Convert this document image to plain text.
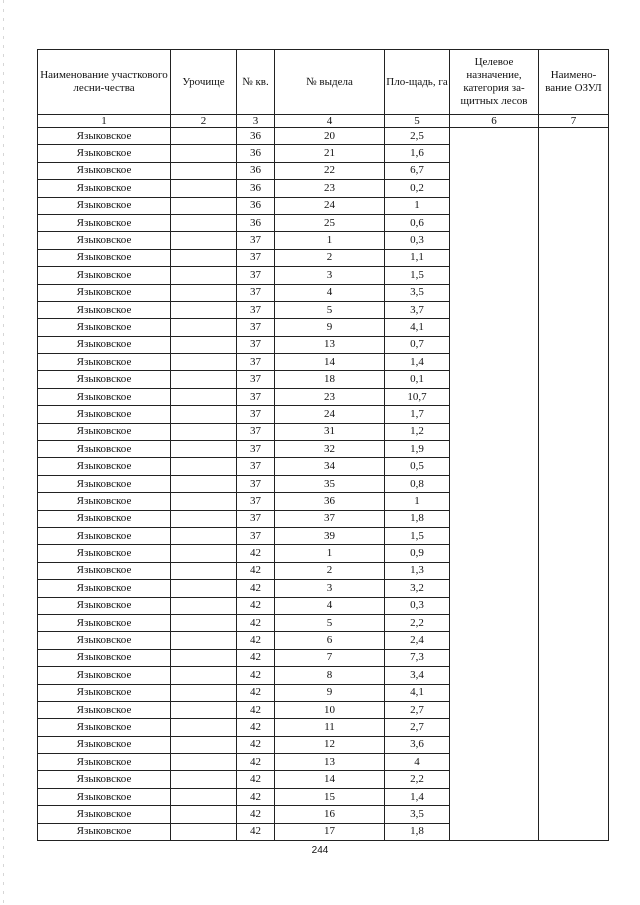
Наименование участкового лесни-чества	Урочище	№ кв.	№ выдела	Пло-щадь, га	Целевое назначение, категория за-щитных лесов	Наимено-вание ОЗУЛ
1	2	3	4	5	6	7
Языковское		36	20	2,5		
Языковское		36	21	1,6		
Языковское		36	22	6,7		
Языковское		36	23	0,2		
Языковское		36	24	1		
Языковское		36	25	0,6		
Языковское		37	1	0,3		
Языковское		37	2	1,1		
Языковское		37	3	1,5		
Языковское		37	4	3,5		
Языковское		37	5	3,7		
Языковское		37	9	4,1		
Языковское		37	13	0,7		
Языковское		37	14	1,4		
Языковское		37	18	0,1		
Языковское		37	23	10,7		
Языковское		37	24	1,7		
Языковское		37	31	1,2		
Языковское		37	32	1,9		
Языковское		37	34	0,5		
Языковское		37	35	0,8		
Языковское		37	36	1		
Языковское		37	37	1,8		
Языковское		37	39	1,5		
Языковское		42	1	0,9		
Языковское		42	2	1,3		
Языковское		42	3	3,2		
Языковское		42	4	0,3		
Языковское		42	5	2,2		
Языковское		42	6	2,4		
Языковское		42	7	7,3		
Языковское		42	8	3,4		
Языковское		42	9	4,1		
Языковское		42	10	2,7		
Языковское		42	11	2,7		
Языковское		42	12	3,6		
Языковское		42	13	4		
Языковское		42	14	2,2		
Языковское		42	15	1,4		
Языковское		42	16	3,5		
Языковское		42	17	1,8		
244
